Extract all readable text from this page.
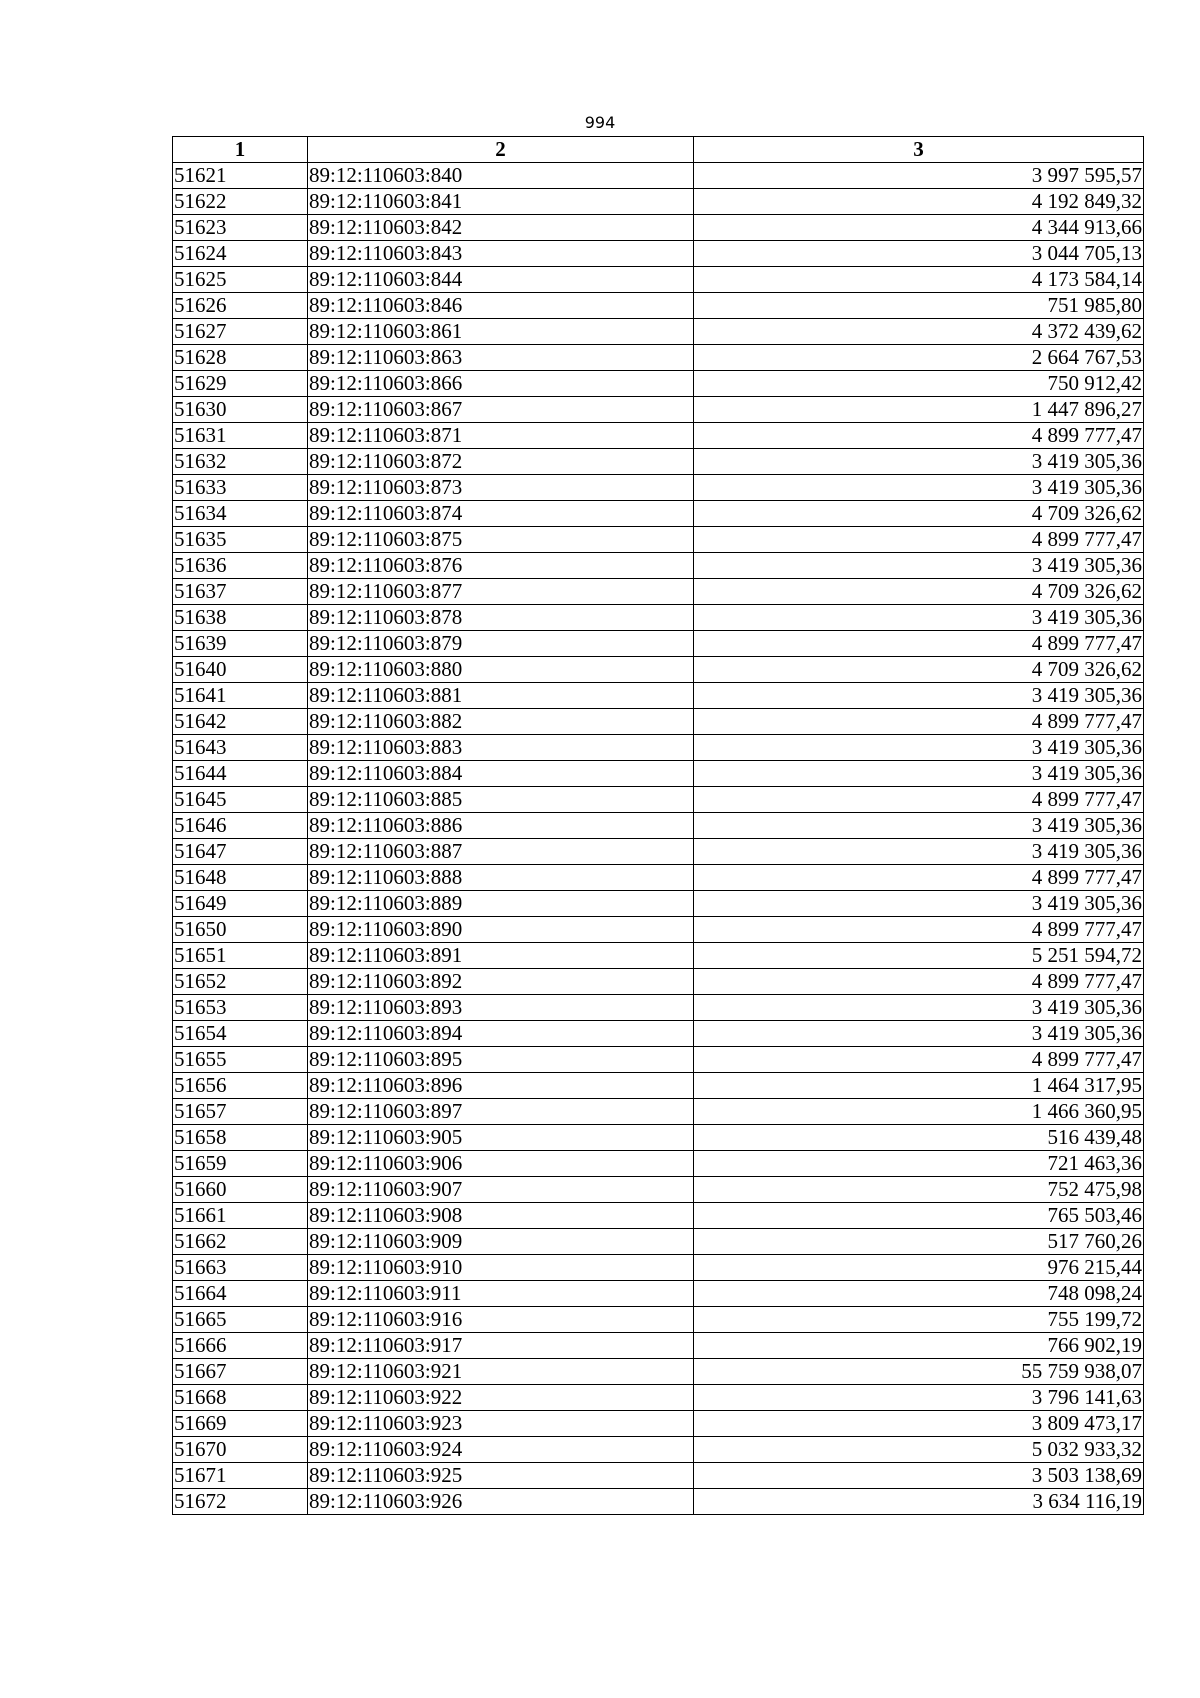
994
1	2	3
51621	89:12:110603:840	3 997 595,57
51622	89:12:110603:841	4 192 849,32
51623	89:12:110603:842	4 344 913,66
51624	89:12:110603:843	3 044 705,13
51625	89:12:110603:844	4 173 584,14
51626	89:12:110603:846	751 985,80
51627	89:12:110603:861	4 372 439,62
51628	89:12:110603:863	2 664 767,53
51629	89:12:110603:866	750 912,42
51630	89:12:110603:867	1 447 896,27
51631	89:12:110603:871	4 899 777,47
51632	89:12:110603:872	3 419 305,36
51633	89:12:110603:873	3 419 305,36
51634	89:12:110603:874	4 709 326,62
51635	89:12:110603:875	4 899 777,47
51636	89:12:110603:876	3 419 305,36
51637	89:12:110603:877	4 709 326,62
51638	89:12:110603:878	3 419 305,36
51639	89:12:110603:879	4 899 777,47
51640	89:12:110603:880	4 709 326,62
51641	89:12:110603:881	3 419 305,36
51642	89:12:110603:882	4 899 777,47
51643	89:12:110603:883	3 419 305,36
51644	89:12:110603:884	3 419 305,36
51645	89:12:110603:885	4 899 777,47
51646	89:12:110603:886	3 419 305,36
51647	89:12:110603:887	3 419 305,36
51648	89:12:110603:888	4 899 777,47
51649	89:12:110603:889	3 419 305,36
51650	89:12:110603:890	4 899 777,47
51651	89:12:110603:891	5 251 594,72
51652	89:12:110603:892	4 899 777,47
51653	89:12:110603:893	3 419 305,36
51654	89:12:110603:894	3 419 305,36
51655	89:12:110603:895	4 899 777,47
51656	89:12:110603:896	1 464 317,95
51657	89:12:110603:897	1 466 360,95
51658	89:12:110603:905	516 439,48
51659	89:12:110603:906	721 463,36
51660	89:12:110603:907	752 475,98
51661	89:12:110603:908	765 503,46
51662	89:12:110603:909	517 760,26
51663	89:12:110603:910	976 215,44
51664	89:12:110603:911	748 098,24
51665	89:12:110603:916	755 199,72
51666	89:12:110603:917	766 902,19
51667	89:12:110603:921	55 759 938,07
51668	89:12:110603:922	3 796 141,63
51669	89:12:110603:923	3 809 473,17
51670	89:12:110603:924	5 032 933,32
51671	89:12:110603:925	3 503 138,69
51672	89:12:110603:926	3 634 116,19
